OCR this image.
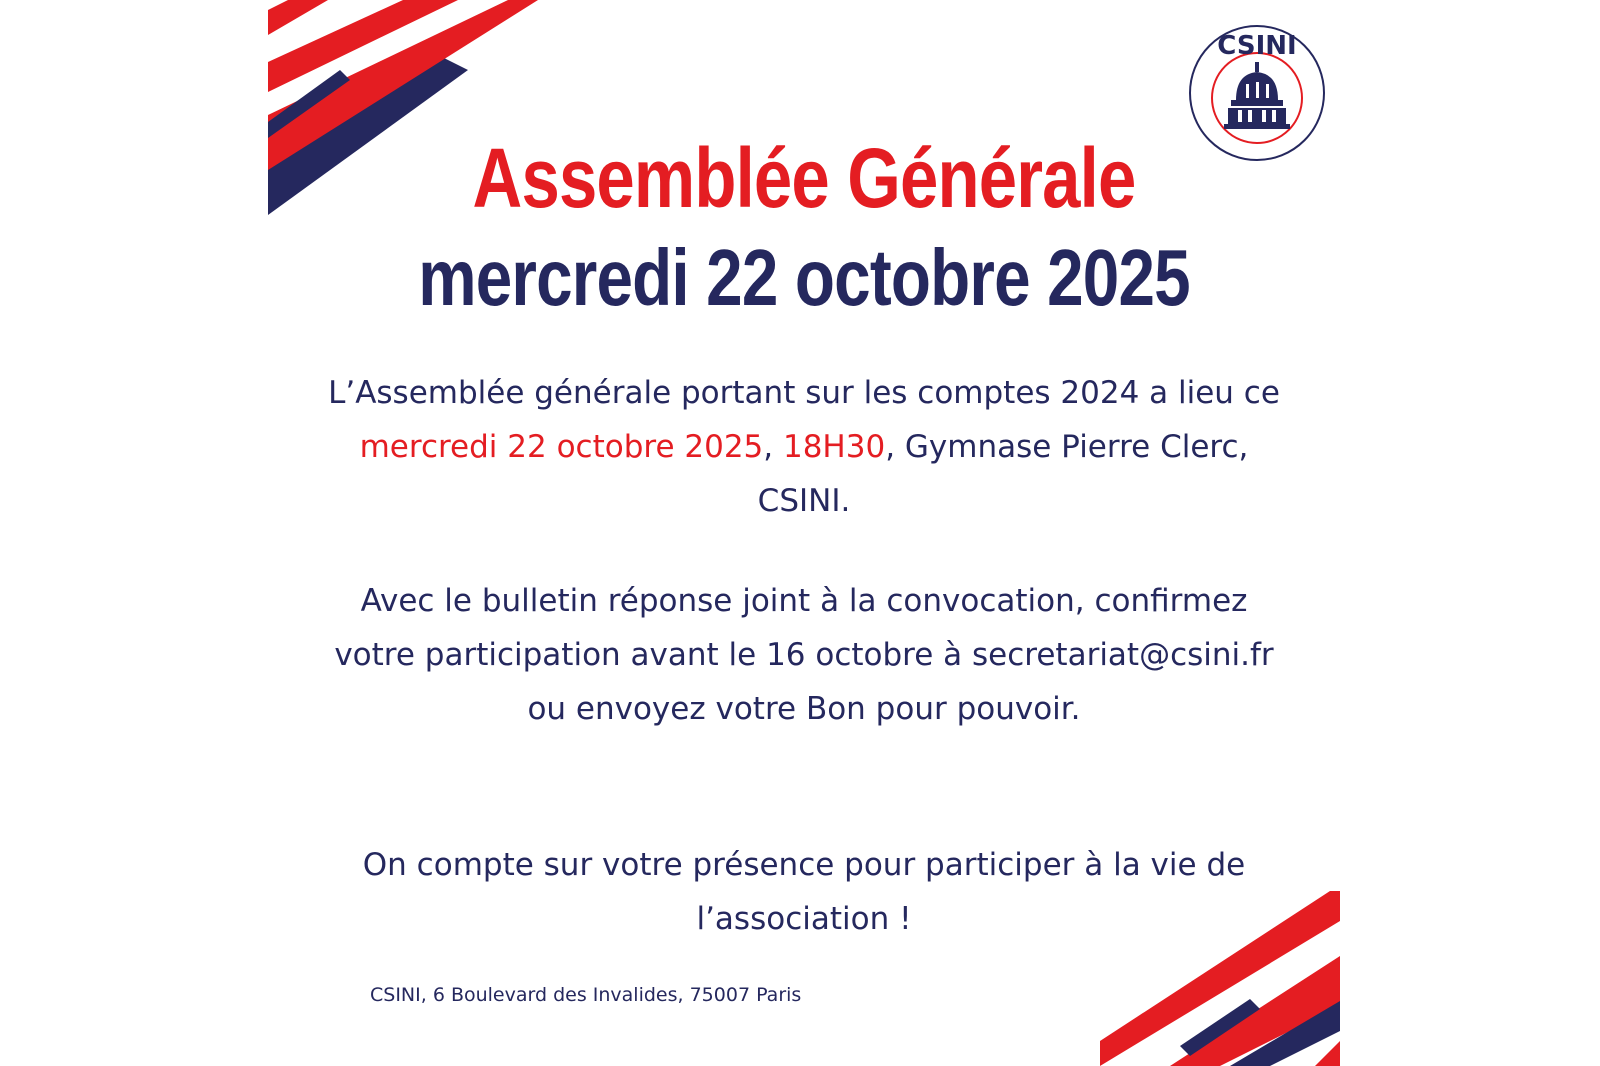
CSINI
Assemblée Générale
mercredi 22 octobre 2025
L’Assemblée générale portant sur les comptes 2024 a lieu ce mercredi 22 octobre 2025, 18H30, Gymnase Pierre Clerc, CSINI.
Avec le bulletin réponse joint à la convocation, confirmez votre participation avant le 16 octobre à secretariat@csini.fr ou envoyez votre Bon pour pouvoir.
On compte sur votre présence pour participer à la vie de l’association !
CSINI, 6 Boulevard des Invalides, 75007 Paris
